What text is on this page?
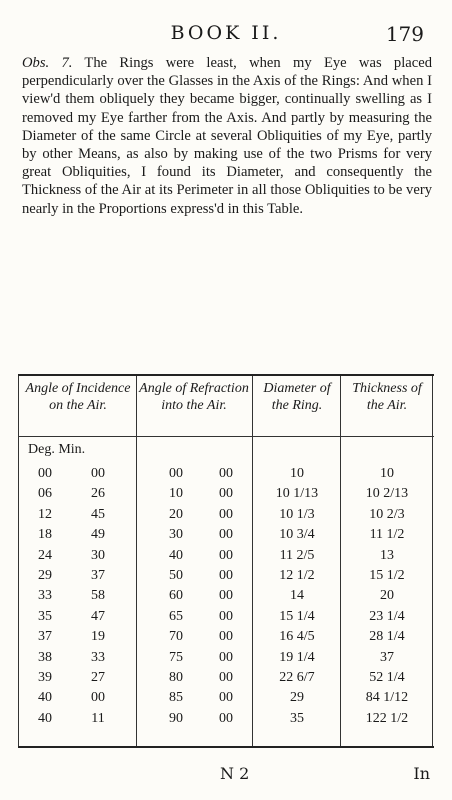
BOOK II.	179
Obs. 7. The Rings were least, when my Eye was placed perpendicularly over the Glasses in the Axis of the Rings: And when I view'd them obliquely they became bigger, continually swelling as I removed my Eye farther from the Axis. And partly by measuring the Diameter of the same Circle at several Obliquities of my Eye, partly by other Means, as also by making use of the two Prisms for very great Obliquities, I found its Diameter, and consequently the Thickness of the Air at its Perimeter in all those Obliquities to be very nearly in the Proportions express'd in this Table.
Angle of Incidence on the Air.
Angle of Refraction into the Air.
Diameter of the Ring.
Thickness of the Air.
Deg. Min.
00	00	00	00	10	10
06	26	10	00	10 1/13	10 2/13
12	45	20	00	10 1/3	10 2/3
18	49	30	00	10 3/4	11 1/2
24	30	40	00	11 2/5	13
29	37	50	00	12 1/2	15 1/2
33	58	60	00	14	20
35	47	65	00	15 1/4	23 1/4
37	19	70	00	16 4/5	28 1/4
38	33	75	00	19 1/4	37
39	27	80	00	22 6/7	52 1/4
40	00	85	00	29	84 1/12
40	11	90	00	35	122 1/2
N 2	In
